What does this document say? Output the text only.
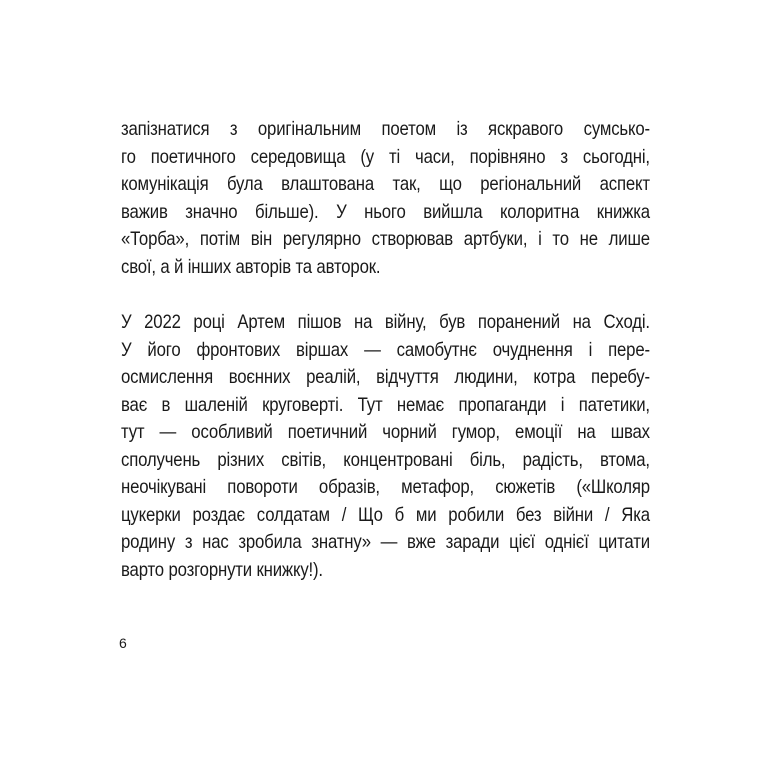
запізнатися з оригінальним поетом із яскравого сумсько-
го поетичного середовища (у ті часи, порівняно з сьогодні,
комунікація була влаштована так, що регіональний аспект
важив значно більше). У нього вийшла колоритна книжка
«Торба», потім він регулярно створював артбуки, і то не лише
свої, а й інших авторів та авторок.
У 2022 році Артем пішов на війну, був поранений на Сході.
У його фронтових віршах — самобутнє очуднення і пере-
осмислення воєнних реалій, відчуття людини, котра перебу-
ває в шаленій круговерті. Тут немає пропаганди і патетики,
тут — особливий поетичний чорний гумор, емоції на швах
сполучень різних світів, концентровані біль, радість, втома,
неочікувані повороти образів, метафор, сюжетів («Школяр
цукерки роздає солдатам / Що б ми робили без війни / Яка
родину з нас зробила знатну» — вже заради цієї однієї цитати
варто розгорнути книжку!).
6
